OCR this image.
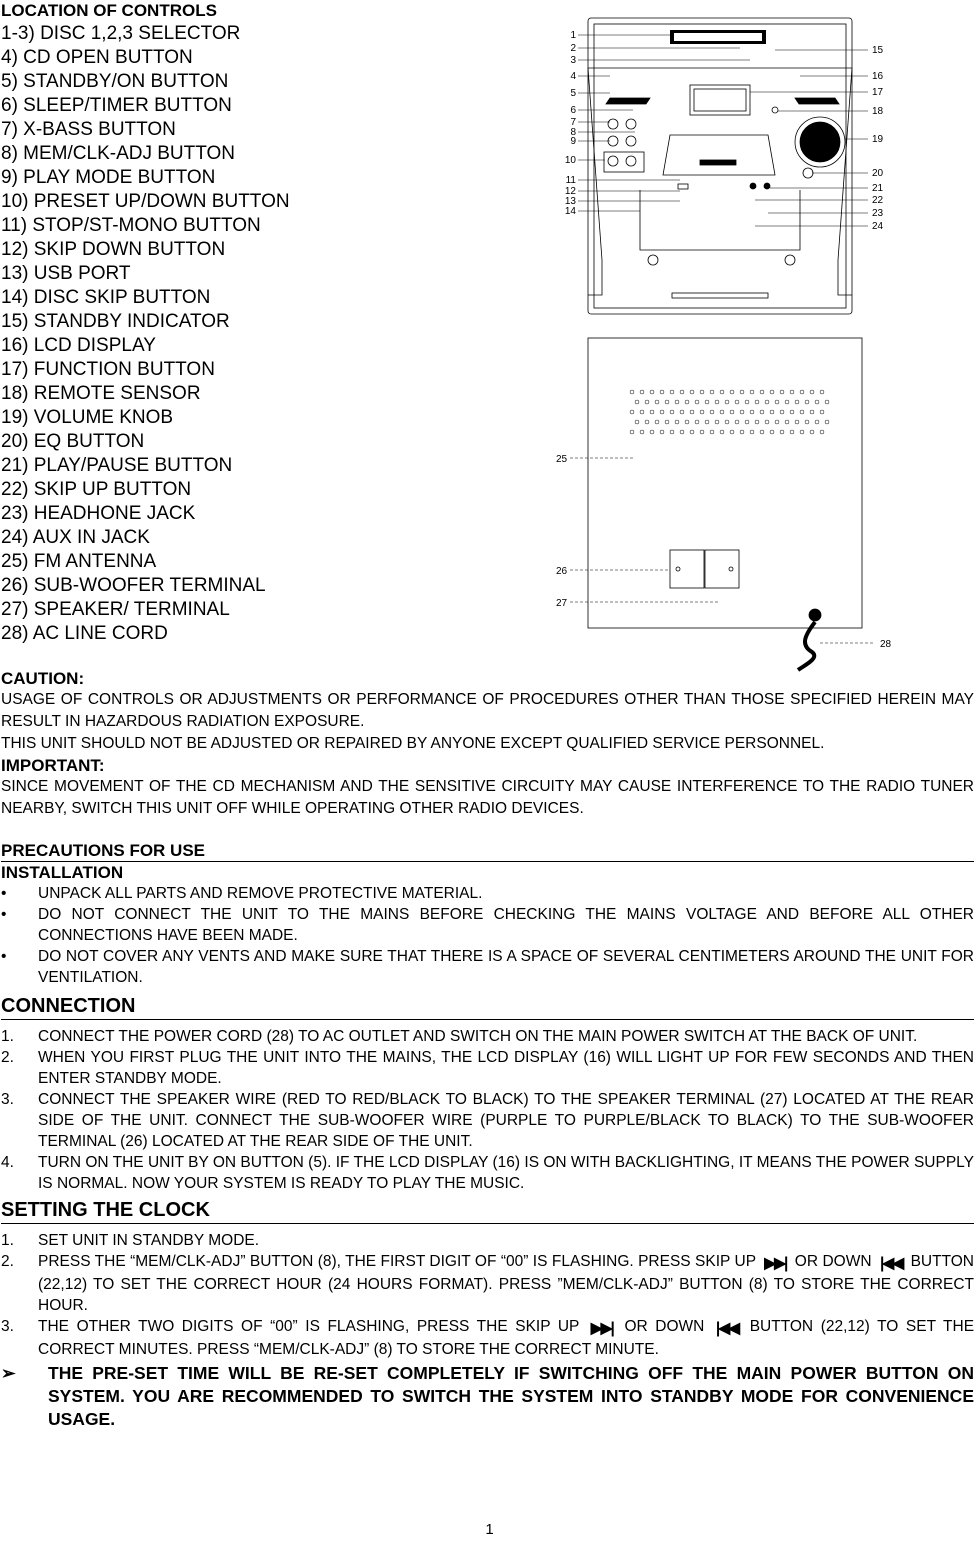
LOCATION OF CONTROLS
1-3) DISC 1,2,3 SELECTOR
4) CD OPEN BUTTON
5) STANDBY/ON BUTTON
6) SLEEP/TIMER BUTTON
7) X-BASS BUTTON
8) MEM/CLK-ADJ BUTTON
9) PLAY MODE BUTTON
10) PRESET UP/DOWN BUTTON
11) STOP/ST-MONO BUTTON
12) SKIP DOWN BUTTON
13) USB PORT
14) DISC SKIP BUTTON
15) STANDBY INDICATOR
16) LCD DISPLAY
17) FUNCTION BUTTON
18) REMOTE SENSOR
19) VOLUME KNOB
20) EQ BUTTON
21) PLAY/PAUSE BUTTON
22) SKIP UP BUTTON
23) HEADHONE JACK
24) AUX IN JACK
25) FM ANTENNA
26) SUB-WOOFER TERMINAL
27) SPEAKER/ TERMINAL
28) AC LINE CORD
1
2
3
4
5
6
7
8
9
10
11
12
13
14
15
16
17
18
19
20
21
22
23
24
25
26
27
28
CAUTION:

USAGE OF CONTROLS OR ADJUSTMENTS OR PERFORMANCE OF PROCEDURES OTHER THAN THOSE SPECIFIED HEREIN MAY RESULT IN HAZARDOUS RADIATION EXPOSURE.

THIS UNIT SHOULD NOT BE ADJUSTED OR REPAIRED BY ANYONE EXCEPT QUALIFIED SERVICE PERSONNEL.

IMPORTANT:

SINCE MOVEMENT OF THE CD MECHANISM AND THE SENSITIVE CIRCUITY MAY CAUSE INTERFERENCE TO THE RADIO TUNER NEARBY, SWITCH THIS UNIT OFF WHILE OPERATING OTHER RADIO DEVICES.

PRECAUTIONS FOR USE
INSTALLATION
•	UNPACK ALL PARTS AND REMOVE PROTECTIVE MATERIAL.
•	DO NOT CONNECT THE UNIT TO THE MAINS BEFORE CHECKING THE MAINS VOLTAGE AND BEFORE ALL OTHER CONNECTIONS HAVE BEEN MADE.
•	DO NOT COVER ANY VENTS AND MAKE SURE THAT THERE IS A SPACE OF SEVERAL CENTIMETERS AROUND THE UNIT FOR VENTILATION.
CONNECTION
1.	CONNECT THE POWER CORD (28) TO AC OUTLET AND SWITCH ON THE MAIN POWER SWITCH AT THE BACK OF UNIT.
2.	WHEN YOU FIRST PLUG THE UNIT INTO THE MAINS, THE LCD DISPLAY (16) WILL LIGHT UP FOR FEW SECONDS AND THEN ENTER STANDBY MODE.
3.	CONNECT THE SPEAKER WIRE (RED TO RED/BLACK TO BLACK) TO THE SPEAKER TERMINAL (27) LOCATED AT THE REAR SIDE OF THE UNIT. CONNECT THE SUB-WOOFER WIRE (PURPLE TO PURPLE/BLACK TO BLACK) TO THE SUB-WOOFER TERMINAL (26) LOCATED AT THE REAR SIDE OF THE UNIT.
4.	TURN ON THE UNIT BY ON BUTTON (5). IF THE LCD DISPLAY (16) IS ON WITH BACKLIGHTING, IT MEANS THE POWER SUPPLY IS NORMAL. NOW YOUR SYSTEM IS READY TO PLAY THE MUSIC.
SETTING THE CLOCK
1.	SET UNIT IN STANDBY MODE.
2.	PRESS THE “MEM/CLK-ADJ” BUTTON (8), THE FIRST DIGIT OF “00” IS FLASHING. PRESS SKIP UP ▶▶| OR DOWN |◀◀ BUTTON (22,12) TO SET THE CORRECT HOUR (24 HOURS FORMAT). PRESS ”MEM/CLK-ADJ” BUTTON (8) TO STORE THE CORRECT HOUR.
3.	THE OTHER TWO DIGITS OF “00” IS FLASHING, PRESS THE SKIP UP ▶▶| OR DOWN |◀◀ BUTTON (22,12) TO SET THE CORRECT MINUTES. PRESS “MEM/CLK-ADJ” (8) TO STORE THE CORRECT MINUTE.
➢	THE PRE-SET TIME WILL BE RE-SET COMPLETELY IF SWITCHING OFF THE MAIN POWER BUTTON ON SYSTEM. YOU ARE RECOMMENDED TO SWITCH THE SYSTEM INTO STANDBY MODE FOR CONVENIENCE USAGE.
1
